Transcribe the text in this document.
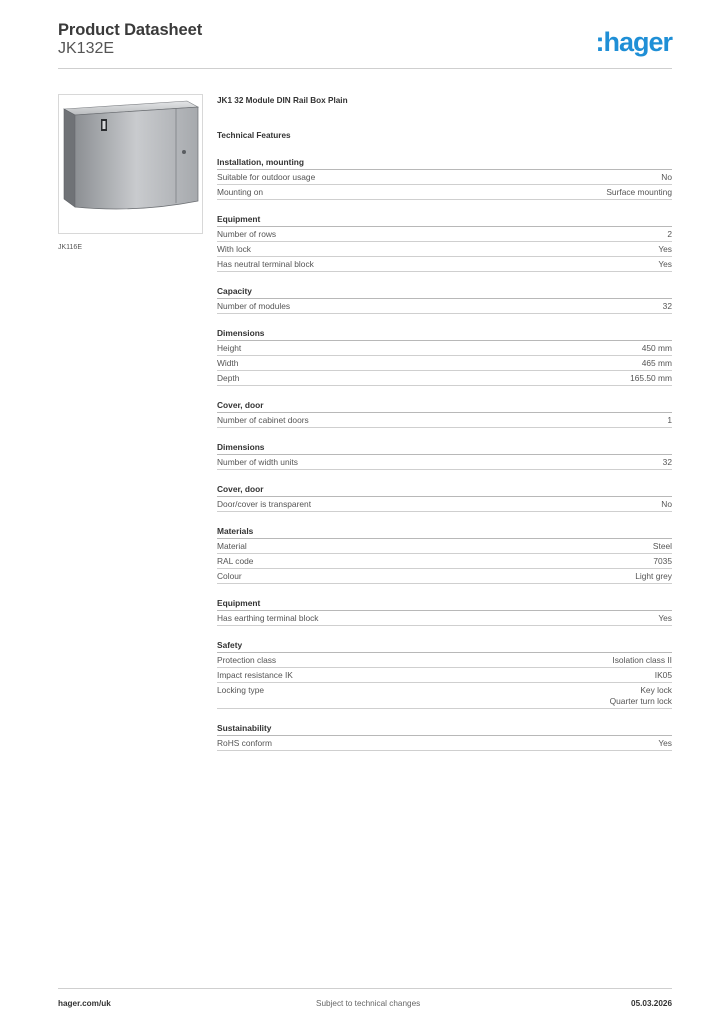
Product Datasheet
JK132E	:hager
JK116E
JK1 32 Module DIN Rail Box Plain
Technical Features
Installation, mounting
Suitable for outdoor usage	No
Mounting on	Surface mounting
Equipment
Number of rows	2
With lock	Yes
Has neutral terminal block	Yes
Capacity
Number of modules	32
Dimensions
Height	450 mm
Width	465 mm
Depth	165.50 mm
Cover, door
Number of cabinet doors	1
Dimensions
Number of width units	32
Cover, door
Door/cover is transparent	No
Materials
Material	Steel
RAL code	7035
Colour	Light grey
Equipment
Has earthing terminal block	Yes
Safety
Protection class	Isolation class II
Impact resistance IK	IK05
Locking type	Key lock
Quarter turn lock
Sustainability
RoHS conform	Yes
hager.com/uk	Subject to technical changes	05.03.2026
